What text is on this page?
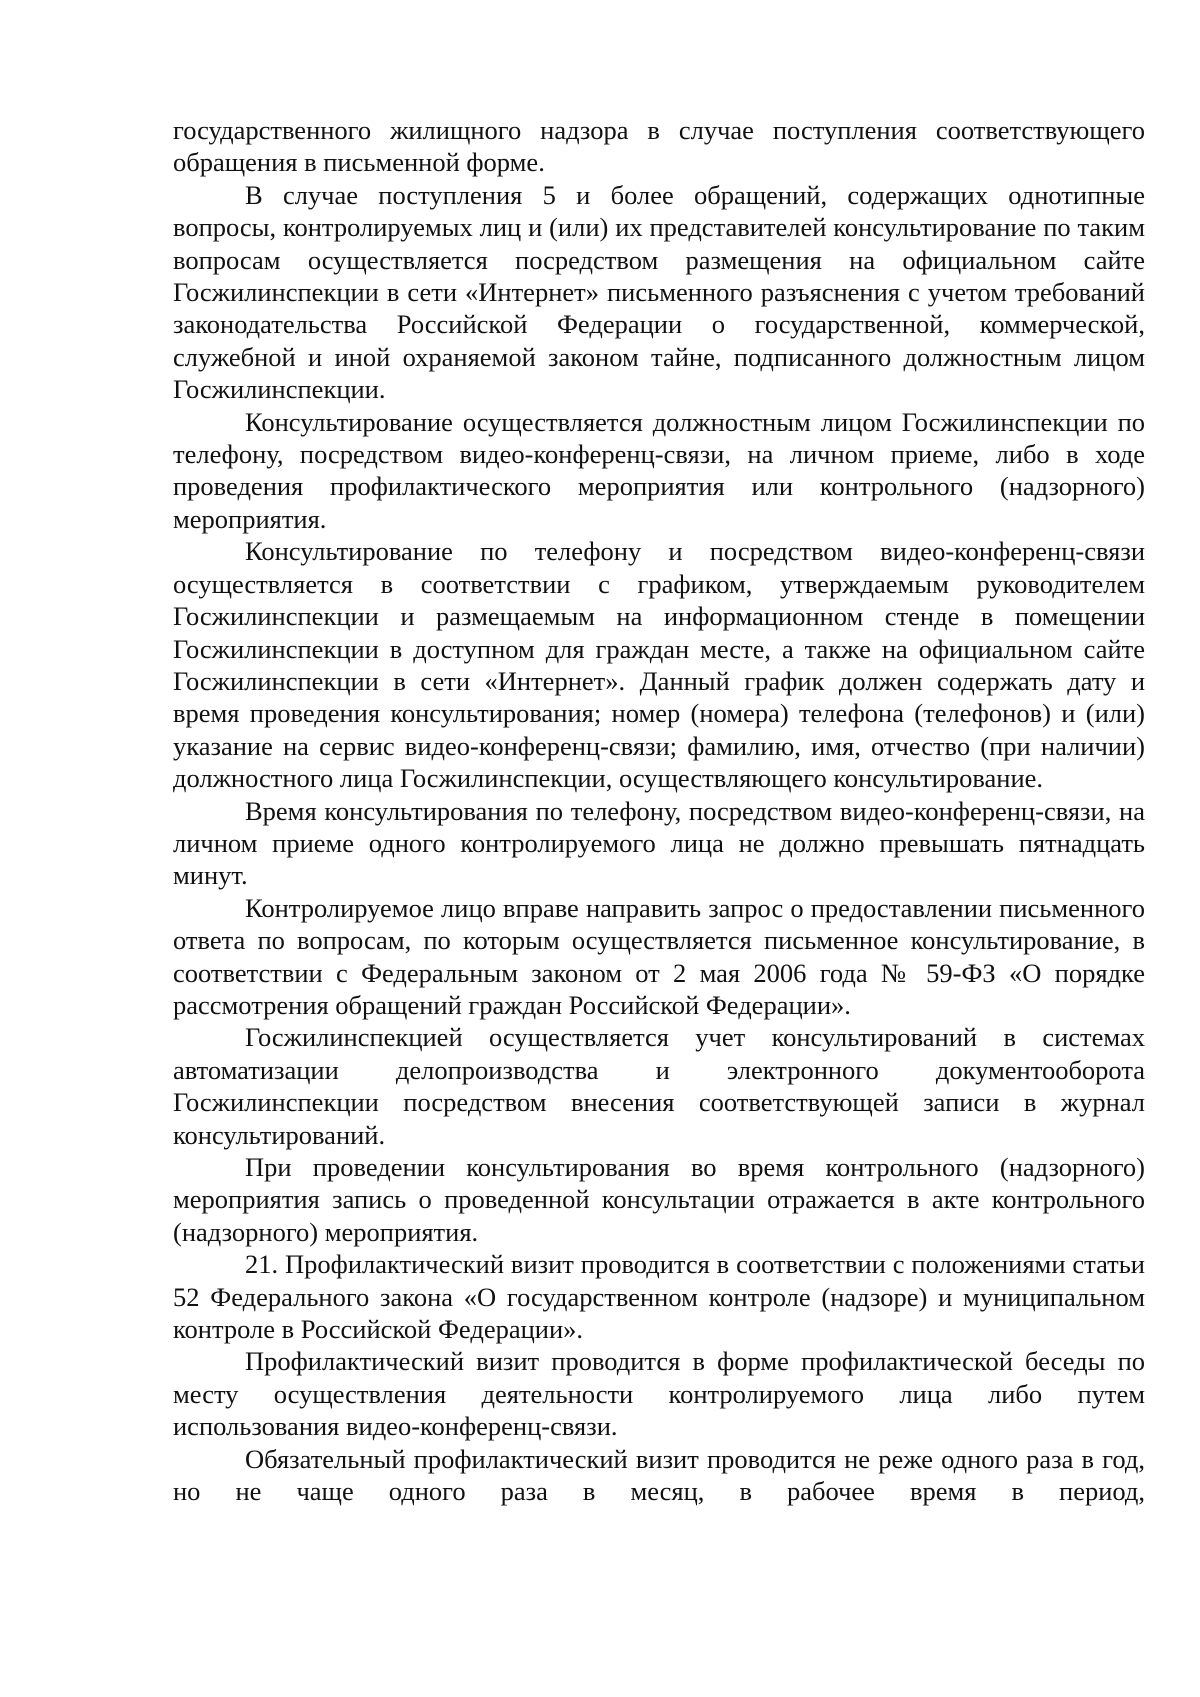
государственного жилищного надзора в случае поступления соответствующего обращения в письменной форме.

В случае поступления 5 и более обращений, содержащих однотипные вопросы, контролируемых лиц и (или) их представителей консультирование по таким вопросам осуществляется посредством размещения на официальном сайте Госжилинспекции в сети «Интернет» письменного разъяснения с учетом требований законодательства Российской Федерации о государственной, коммерческой, служебной и иной охраняемой законом тайне, подписанного должностным лицом Госжилинспекции.

Консультирование осуществляется должностным лицом Госжилинспекции по телефону, посредством видео-конференц-связи, на личном приеме, либо в ходе проведения профилактического мероприятия или контрольного (надзорного) мероприятия.

Консультирование по телефону и посредством видео-конференц-связи осуществляется в соответствии с графиком, утверждаемым руководителем Госжилинспекции и размещаемым на информационном стенде в помещении Госжилинспекции в доступном для граждан месте, а также на официальном сайте Госжилинспекции в сети «Интернет». Данный график должен содержать дату и время проведения консультирования; номер (номера) телефона (телефонов) и (или) указание на сервис видео-конференц-связи; фамилию, имя, отчество (при наличии) должностного лица Госжилинспекции, осуществляющего консультирование.

Время консультирования по телефону, посредством видео-конференц-связи, на личном приеме одного контролируемого лица не должно превышать пятнадцать минут.

Контролируемое лицо вправе направить запрос о предоставлении письменного ответа по вопросам, по которым осуществляется письменное консультирование, в соответствии с Федеральным законом от 2 мая 2006 года № 59-ФЗ «О порядке рассмотрения обращений граждан Российской Федерации».

Госжилинспекцией осуществляется учет консультирований в системах автоматизации делопроизводства и электронного документооборота Госжилинспекции посредством внесения соответствующей записи в журнал консультирований.

При проведении консультирования во время контрольного (надзорного) мероприятия запись о проведенной консультации отражается в акте контрольного (надзорного) мероприятия.

21. Профилактический визит проводится в соответствии с положениями статьи 52 Федерального закона «О государственном контроле (надзоре) и муниципальном контроле в Российской Федерации».

Профилактический визит проводится в форме профилактической беседы по месту осуществления деятельности контролируемого лица либо путем использования видео-конференц-связи.

Обязательный профилактический визит проводится не реже одного раза в год, но не чаще одного раза в месяц, в рабочее время в период,
